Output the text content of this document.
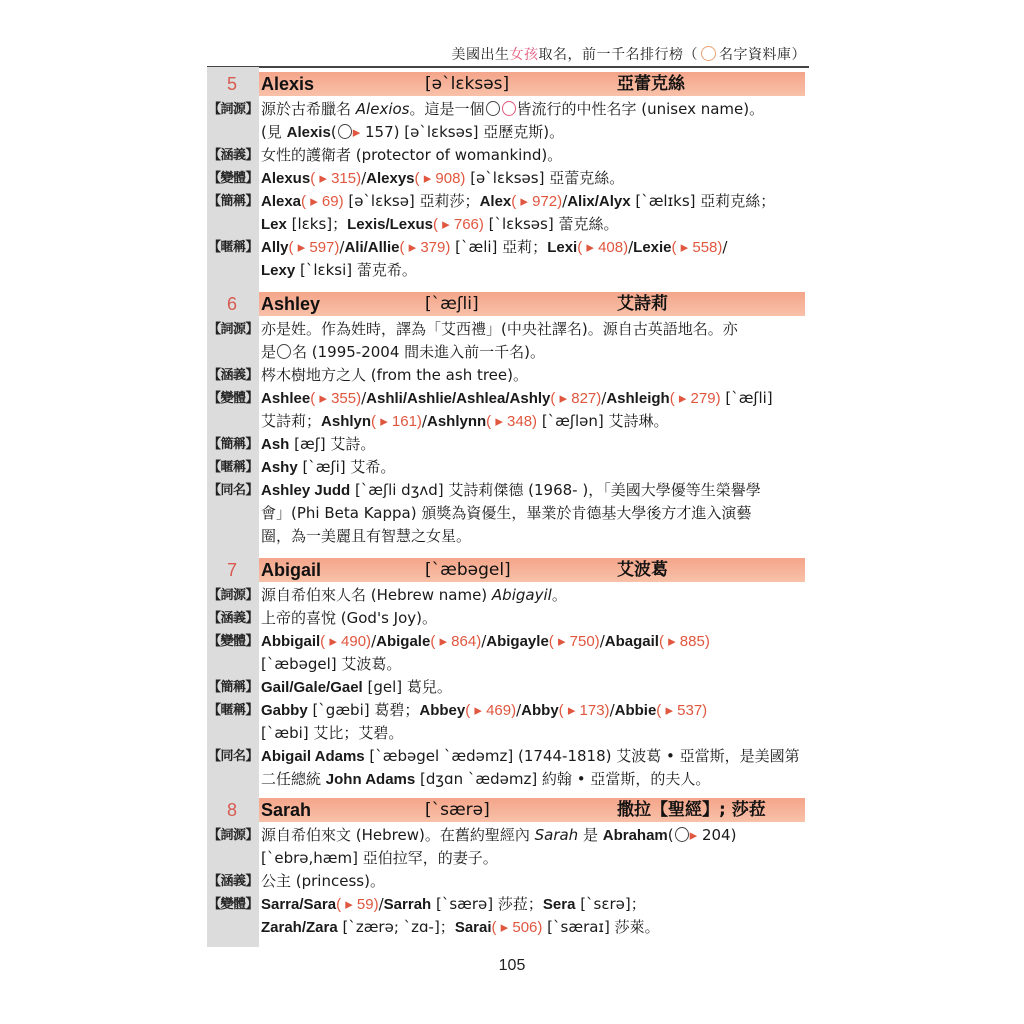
美國出生女孩取名，前一千名排行榜（ 名字資料庫）
5	Alexis	[əˋlɛksəs]	亞蕾克絲
【詞源】 源於古希臘名 Alexios。這是一個 皆流行的中性名字 (unisex name)。
(見 Alexis( ▸ 157) [əˋlɛksəs] 亞歷克斯)。
【涵義】 女性的護衛者 (protector of womankind)。
【變體】 Alexus( ▸ 315)/Alexys( ▸ 908) [əˋlɛksəs] 亞蕾克絲。
【簡稱】 Alexa( ▸ 69) [əˋlɛksə] 亞莉莎；Alex( ▸ 972)/Alix/Alyx [ˋælɪks] 亞莉克絲；
Lex [lɛks]；Lexis/Lexus( ▸ 766) [ˋlɛksəs] 蕾克絲。
【暱稱】 Ally( ▸ 597)/Ali/Allie( ▸ 379) [ˋæli] 亞莉；Lexi( ▸ 408)/Lexie( ▸ 558)/
Lexy [ˋlɛksi] 蕾克希。
6	Ashley	[ˋæʃli]	艾詩莉
【詞源】 亦是姓。作為姓時，譯為「艾西禮」(中央社譯名)。源自古英語地名。亦
是 名 (1995-2004 間未進入前一千名)。
【涵義】 梣木樹地方之人 (from the ash tree)。
【變體】 Ashlee( ▸ 355)/Ashli/Ashlie/Ashlea/Ashly( ▸ 827)/Ashleigh( ▸ 279) [ˋæʃli]
艾詩莉；Ashlyn( ▸ 161)/Ashlynn( ▸ 348) [ˋæʃlən] 艾詩琳。
【簡稱】 Ash [æʃ] 艾詩。
【暱稱】 Ashy [ˋæʃi] 艾希。
【同名】 Ashley Judd [ˋæʃli dʒʌd] 艾詩莉傑德 (1968- )，「美國大學優等生榮譽學
會」(Phi Beta Kappa) 頒獎為資優生，畢業於肯德基大學後方才進入演藝
圈，為一美麗且有智慧之女星。
7	Abigail	[ˋæbəgel]	艾波葛
【詞源】 源自希伯來人名 (Hebrew name) Abigayil。
【涵義】 上帝的喜悅 (God's Joy)。
【變體】 Abbigail( ▸ 490)/Abigale( ▸ 864)/Abigayle( ▸ 750)/Abagail( ▸ 885)
[ˋæbəgel] 艾波葛。
【簡稱】 Gail/Gale/Gael [gel] 葛兒。
【暱稱】 Gabby [ˋgæbi] 葛碧；Abbey( ▸ 469)/Abby( ▸ 173)/Abbie( ▸ 537)
[ˋæbi] 艾比；艾碧。
【同名】 Abigail Adams [ˋæbəgel ˋædəmz] (1744-1818) 艾波葛 • 亞當斯，是美國第
二任總統 John Adams [dʒɑn ˋædəmz] 約翰 • 亞當斯，的夫人。
8	Sarah	[ˋsærə]	撒拉【聖經】; 莎菈
【詞源】 源自希伯來文 (Hebrew)。在舊約聖經內 Sarah 是 Abraham( ▸ 204)
[ˋebrə,hæm] 亞伯拉罕，的妻子。
【涵義】 公主 (princess)。
【變體】 Sarra/Sara( ▸ 59)/Sarrah [ˋsærə] 莎菈；Sera [ˋsɛrə]；
Zarah/Zara [ˋzærə; ˋzɑ-]；Sarai( ▸ 506) [ˋsæraɪ] 莎萊。
105
